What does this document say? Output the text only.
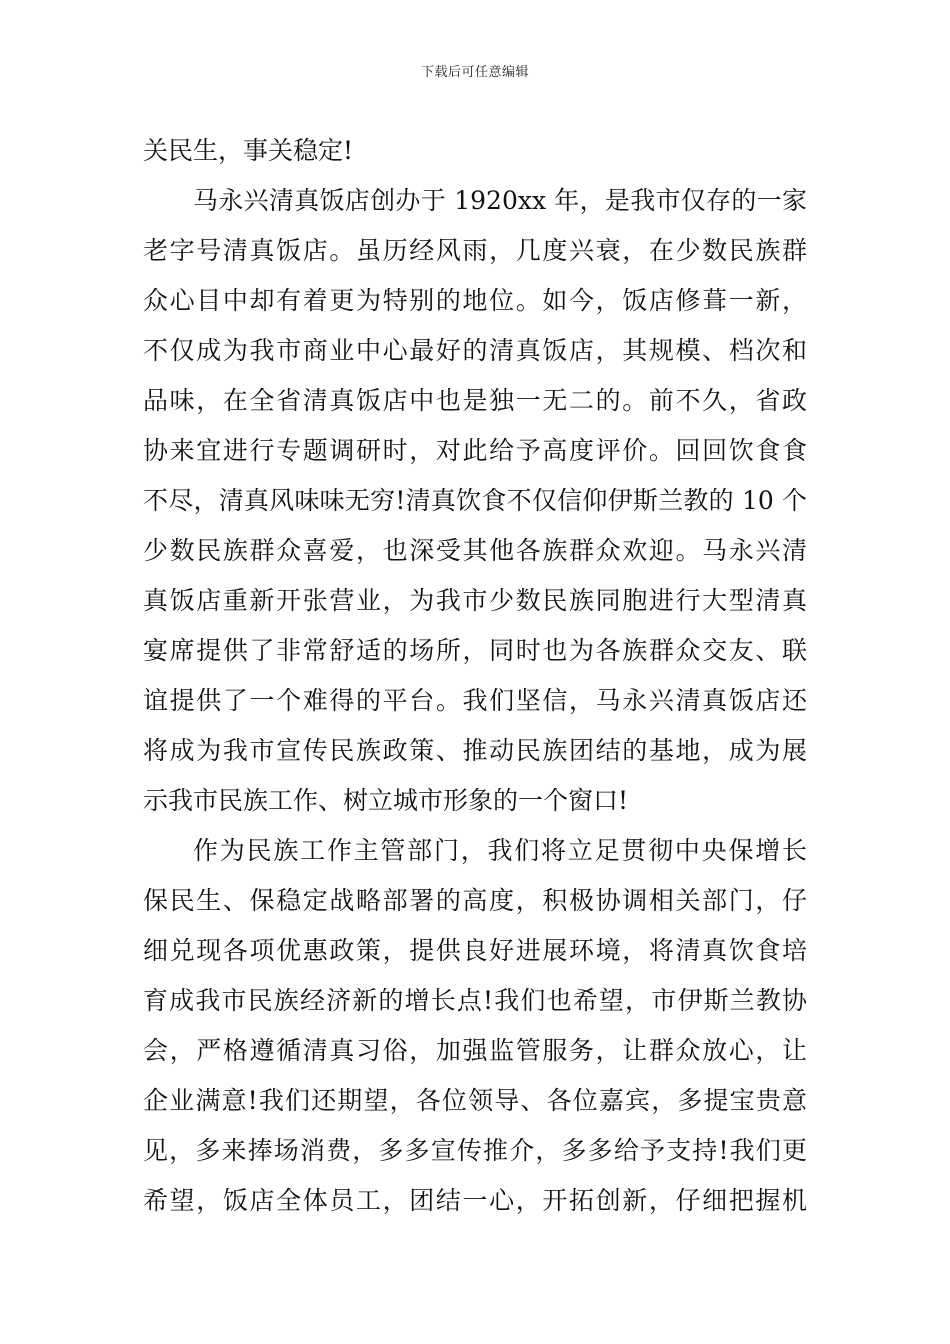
下载后可任意编辑
关民生，事关稳定!
马永兴清真饭店创办于 1920xx 年，是我市仅存的一家
老字号清真饭店。虽历经风雨，几度兴衰，在少数民族群
众心目中却有着更为特别的地位。如今，饭店修葺一新，
不仅成为我市商业中心最好的清真饭店，其规模、档次和
品味，在全省清真饭店中也是独一无二的。前不久，省政
协来宜进行专题调研时，对此给予高度评价。回回饮食食
不尽，清真风味味无穷!清真饮食不仅信仰伊斯兰教的 10 个
少数民族群众喜爱，也深受其他各族群众欢迎。马永兴清
真饭店重新开张营业，为我市少数民族同胞进行大型清真
宴席提供了非常舒适的场所，同时也为各族群众交友、联
谊提供了一个难得的平台。我们坚信，马永兴清真饭店还
将成为我市宣传民族政策、推动民族团结的基地，成为展
示我市民族工作、树立城市形象的一个窗口!
作为民族工作主管部门，我们将立足贯彻中央保增长
保民生、保稳定战略部署的高度，积极协调相关部门，仔
细兑现各项优惠政策，提供良好进展环境，将清真饮食培
育成我市民族经济新的增长点!我们也希望，市伊斯兰教协
会，严格遵循清真习俗，加强监管服务，让群众放心，让
企业满意!我们还期望，各位领导、各位嘉宾，多提宝贵意
见，多来捧场消费，多多宣传推介，多多给予支持!我们更
希望，饭店全体员工，团结一心，开拓创新，仔细把握机
